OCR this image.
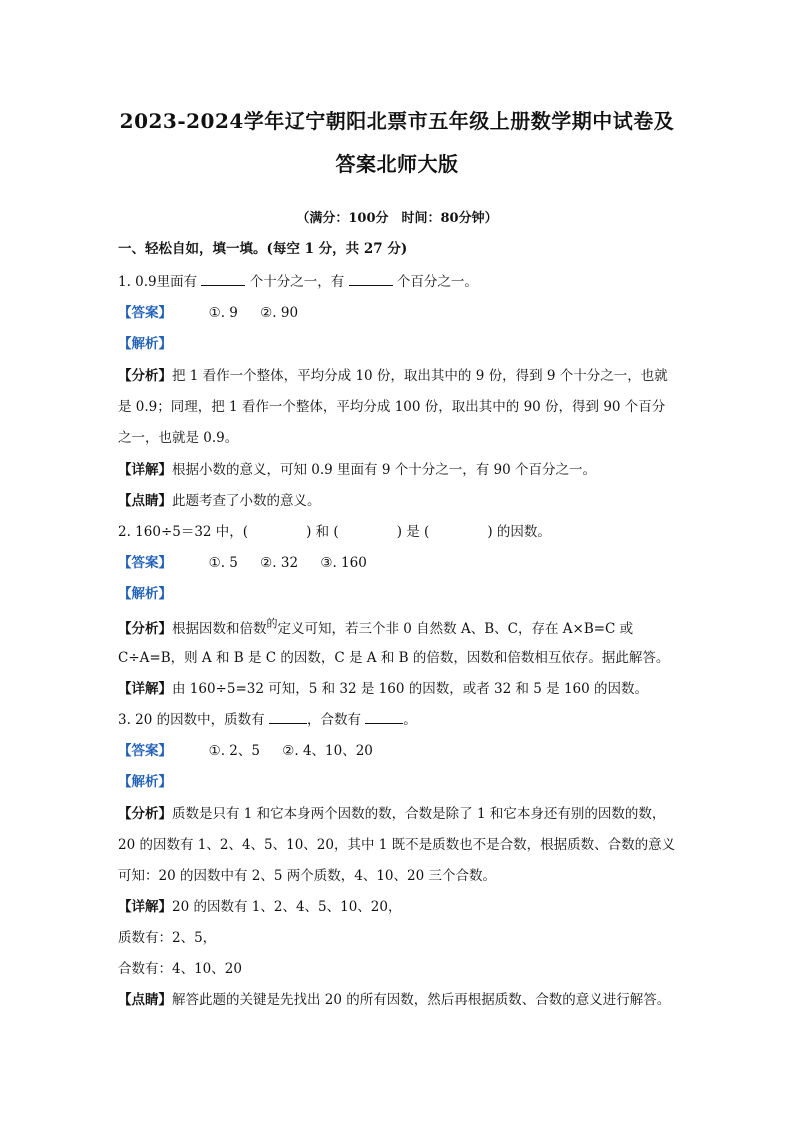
2023-2024学年辽宁朝阳北票市五年级上册数学期中试卷及
答案北师大版
（满分：100分　时间：80分钟）
一、轻松自如，填一填。(每空 1 分，共 27 分)
1. 0.9里面有	个十分之一，有	个百分之一。
【答案】	①. 9 ②. 90
【解析】
【分析】把 1 看作一个整体，平均分成 10 份，取出其中的 9 份，得到 9 个十分之一，也就
是 0.9；同理，把 1 看作一个整体，平均分成 100 份，取出其中的 90 份，得到 90 个百分
之一，也就是 0.9。
【详解】根据小数的意义，可知 0.9 里面有 9 个十分之一，有 90 个百分之一。
【点睛】此题考查了小数的意义。
2. 160÷5＝32 中，(	) 和 (	) 是 (	) 的因数。
【答案】	①. 5 ②. 32 ③. 160
【解析】
【分析】根据因数和倍数$^的$定义可知，若三个非 0 自然数 A、B、C，存在 A×B=C 或
C÷A=B，则 A 和 B 是 C 的因数，C 是 A 和 B 的倍数，因数和倍数相互依存。据此解答。
【详解】由 160÷5=32 可知，5 和 32 是 160 的因数，或者 32 和 5 是 160 的因数。
3. 20 的因数中，质数有	，合数有	。
【答案】	①. 2、5 ②. 4、10、20
【解析】
【分析】质数是只有 1 和它本身两个因数的数，合数是除了 1 和它本身还有别的因数的数，
20 的因数有 1、2、4、5、10、20，其中 1 既不是质数也不是合数，根据质数、合数的意义
可知：20 的因数中有 2、5 两个质数，4、10、20 三个合数。
【详解】20 的因数有 1、2、4、5、10、20，
质数有：2、5，
合数有：4、10、20
【点睛】解答此题的关键是先找出 20 的所有因数，然后再根据质数、合数的意义进行解答。
